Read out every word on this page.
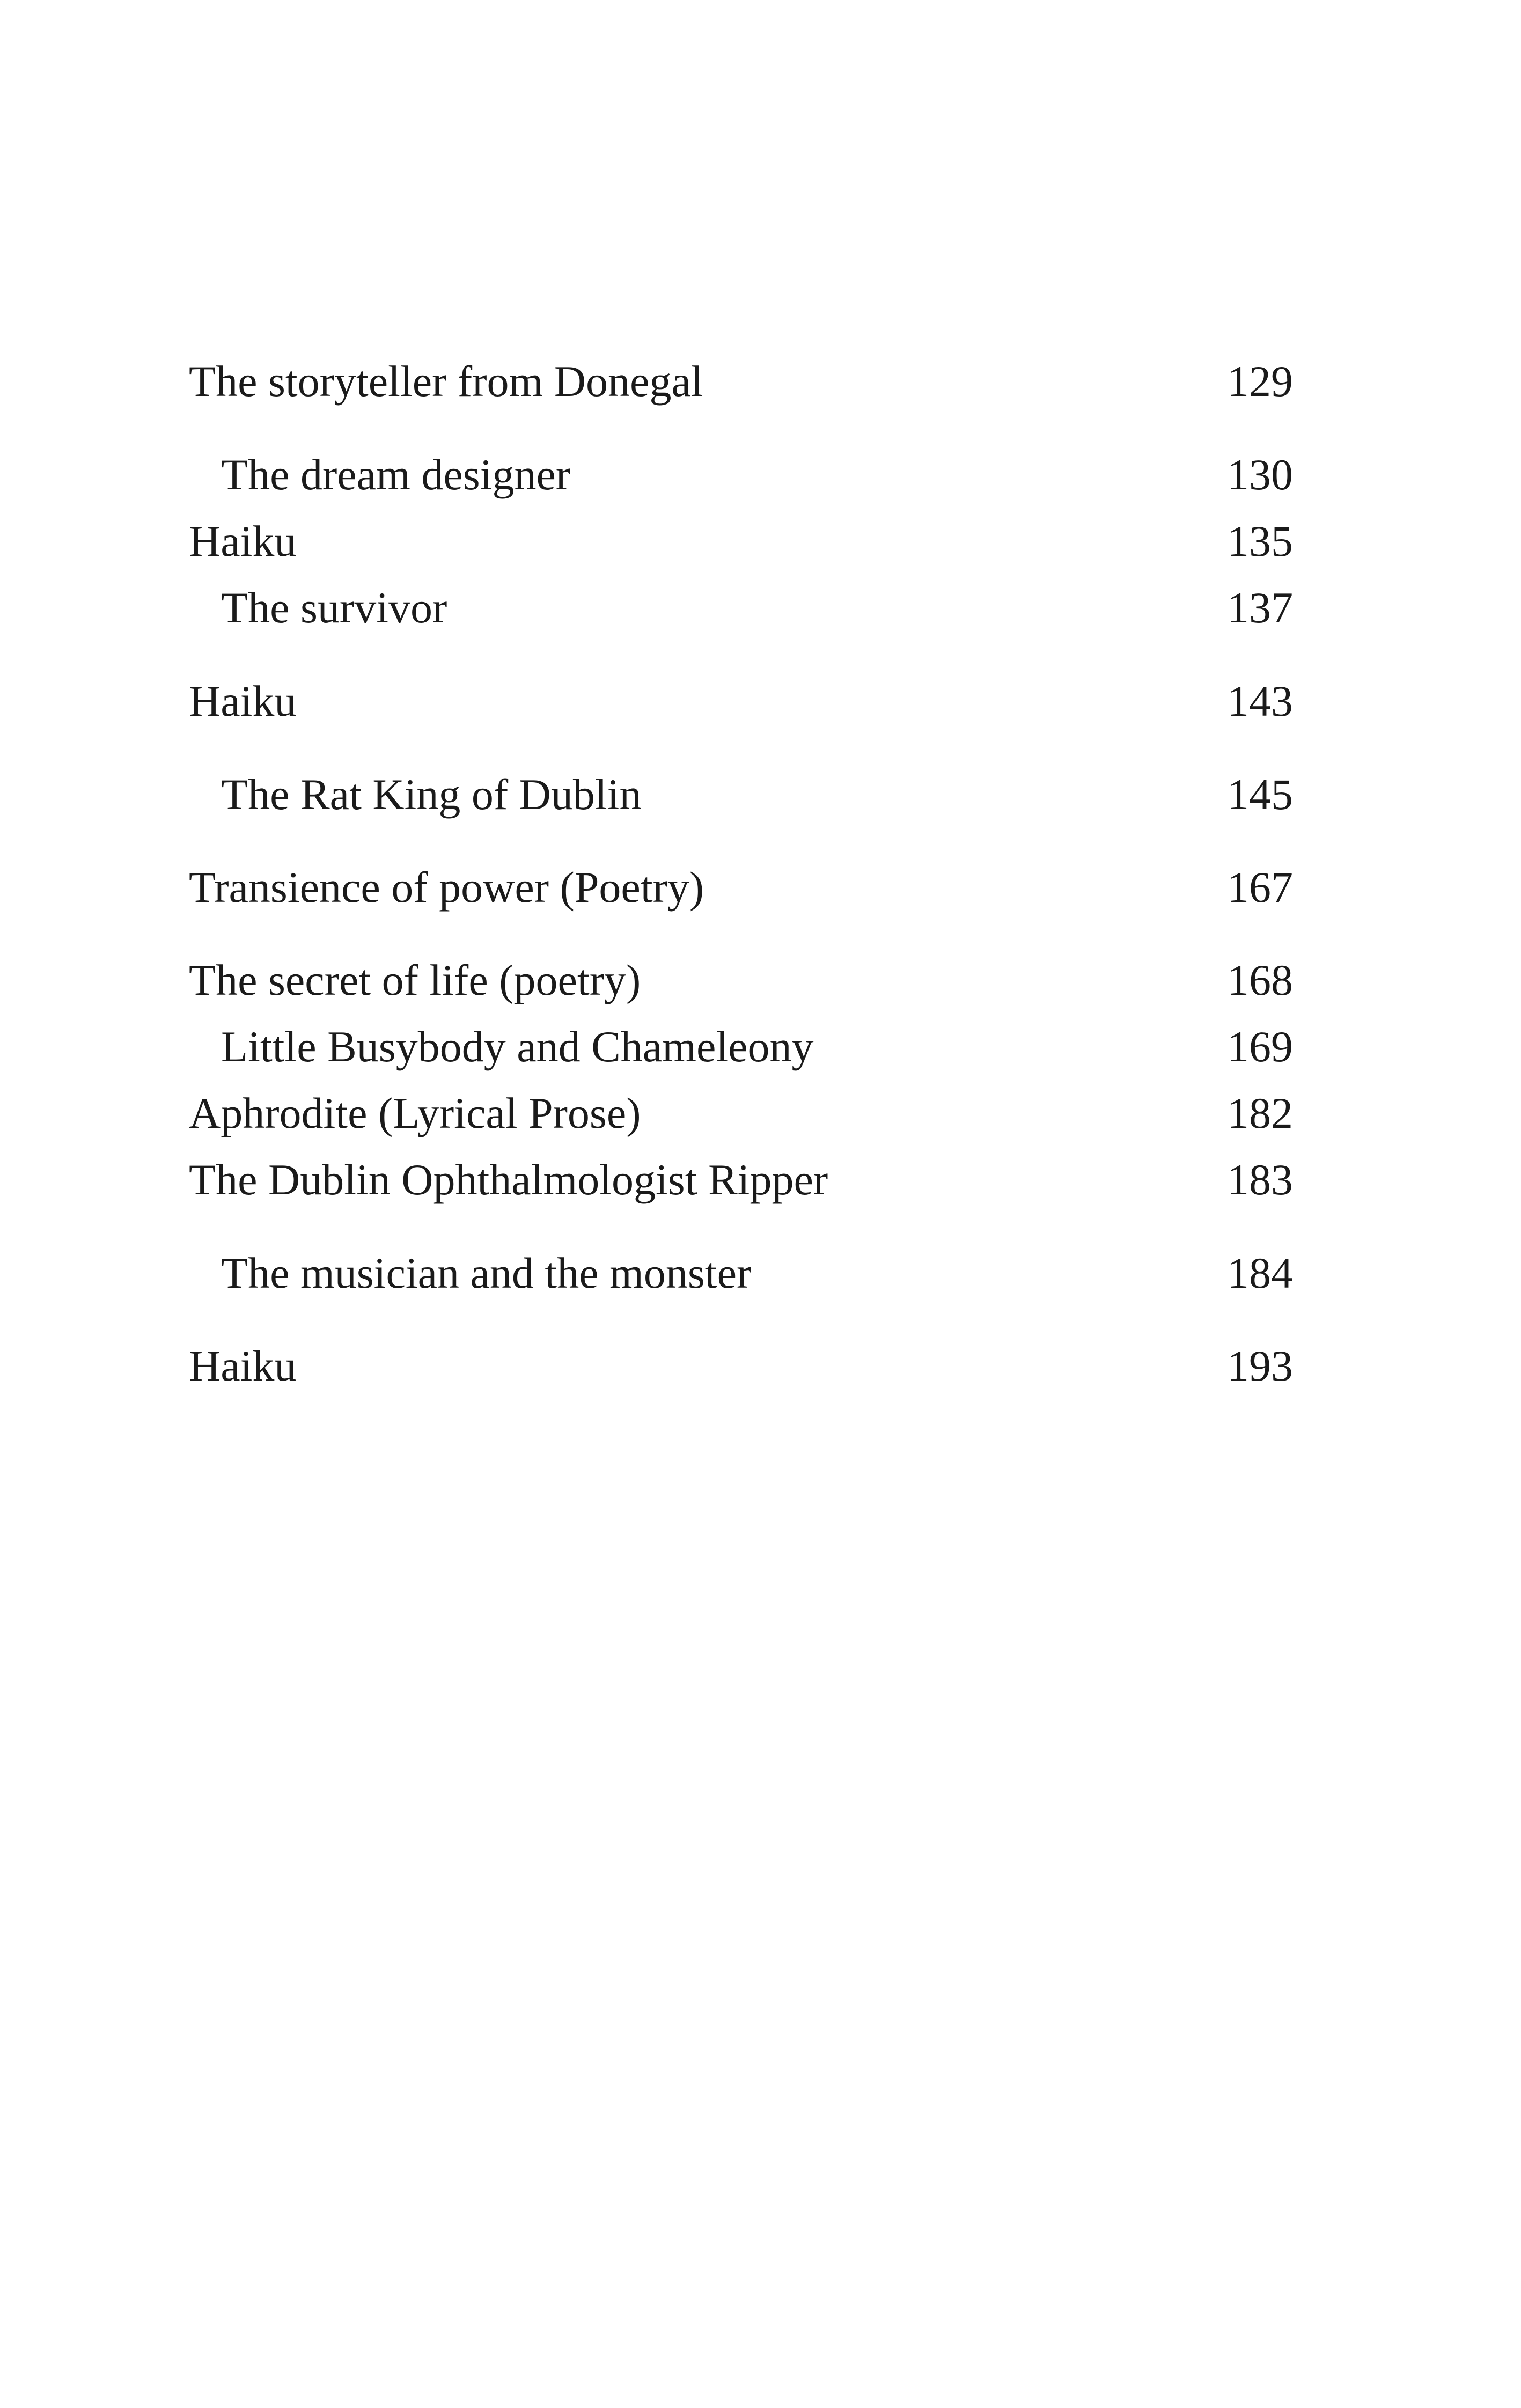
The storyteller from Donegal	129
The dream designer	130
Haiku	135
The survivor	137
Haiku	143
The Rat King of Dublin	145
Transience of power (Poetry)	167
The secret of life (poetry)	168
Little Busybody and Chameleony	169
Aphrodite (Lyrical Prose)	182
The Dublin Ophthalmologist Ripper	183
The musician and the monster	184
Haiku	193
